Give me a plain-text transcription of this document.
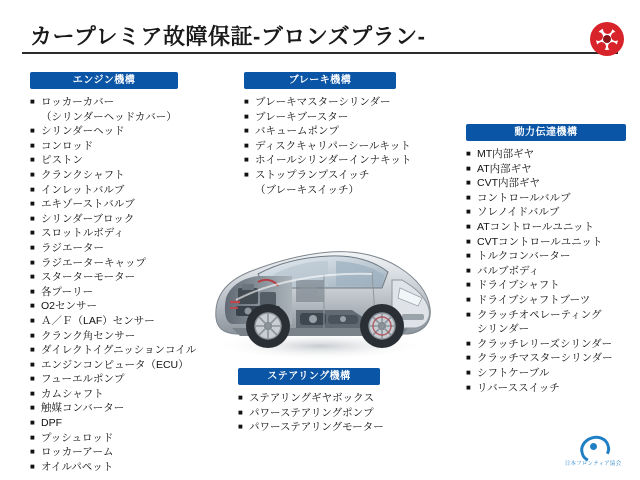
カープレミア故障保証-ブロンズプラン-
エンジン機構
■ ロッカーカバー
（シリンダーヘッドカバー）
■ シリンダーヘッド
■ コンロッド
■ ピストン
■ クランクシャフト
■ インレットバルブ
■ エキゾーストバルブ
■ シリンダーブロック
■ スロットルボディ
■ ラジエーター
■ ラジエーターキャップ
■ スターターモーター
■ 各プーリー
■ O2センサー
■ Ａ／Ｆ（LAF）センサー
■ クランク角センサー
■ ダイレクトイグニッションコイル
■ エンジンコンピュータ（ECU）
■ フューエルポンプ
■ カムシャフト
■ 触媒コンバーター
■ DPF
■ プッシュロッド
■ ロッカーアーム
■ オイルパペット
ブレーキ機構
■ ブレーキマスターシリンダー
■ ブレーキブースター
■ バキュームポンプ
■ ディスクキャリパーシールキット
■ ホイールシリンダーインナキット
■ ストップランプスイッチ
（ブレーキスイッチ）
動力伝達機構
■ MT内部ギヤ
■ AT内部ギヤ
■ CVT内部ギヤ
■ コントロールバルブ
■ ソレノイドバルブ
■ ATコントロールユニット
■ CVTコントロールユニット
■ トルクコンバーター
■ バルブボディ
■ ドライブシャフト
■ ドライブシャフトブーツ
■ クラッチオペレーティング
シリンダー
■ クラッチレリーズシリンダー
■ クラッチマスターシリンダー
■ シフトケーブル
■ リバーススイッチ
ステアリング機構
■ ステアリングギヤボックス
■ パワーステアリングポンプ
■ パワーステアリングモーター
日本フロンティア協会
